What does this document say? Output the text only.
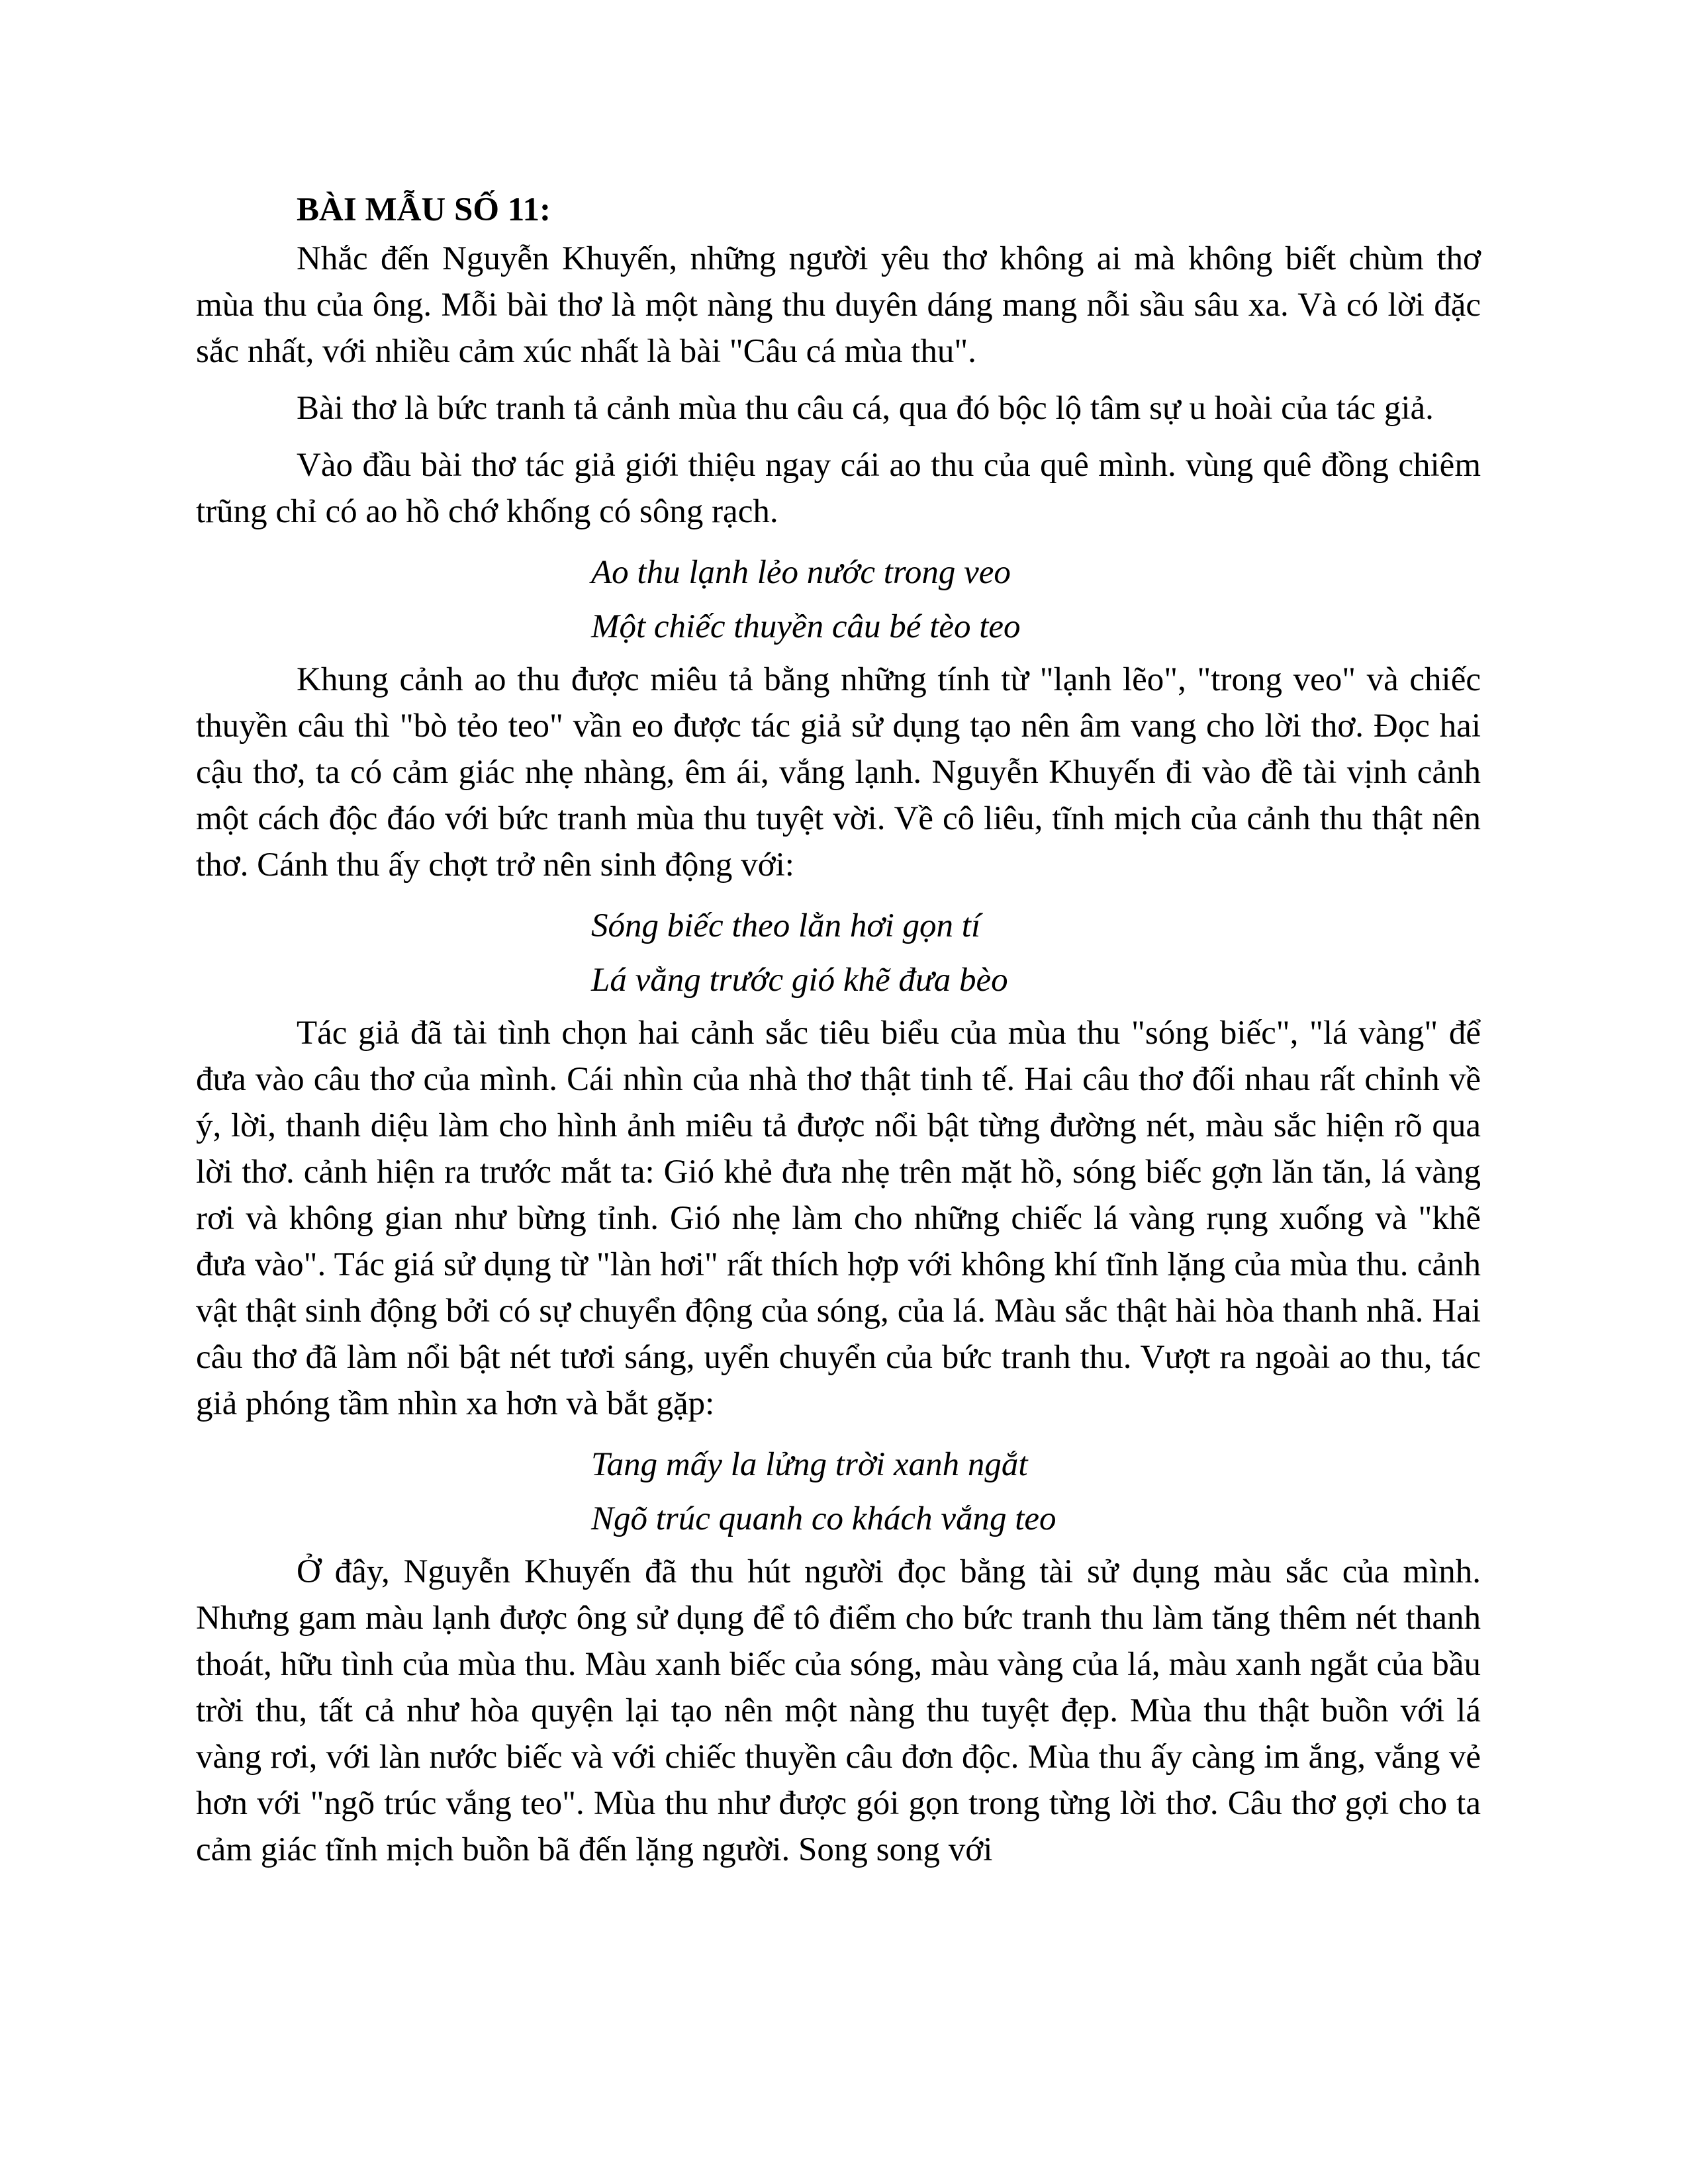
BÀI MẪU SỐ 11:

Nhắc đến Nguyễn Khuyến, những người yêu thơ không ai mà không biết chùm thơ mùa thu của ông. Mỗi bài thơ là một nàng thu duyên dáng mang nỗi sầu sâu xa. Và có lời đặc sắc nhất, với nhiều cảm xúc nhất là bài "Câu cá mùa thu".

Bài thơ là bức tranh tả cảnh mùa thu câu cá, qua đó bộc lộ tâm sự u hoài của tác giả.

Vào đầu bài thơ tác giả giới thiệu ngay cái ao thu của quê mình. vùng quê đồng chiêm trũng chỉ có ao hồ chớ khống có sông rạch.

Ao thu lạnh lẻo nước trong veo

Một chiếc thuyền câu bé tèo teo

Khung cảnh ao thu được miêu tả bằng những tính từ "lạnh lẽo", "trong veo" và chiếc thuyền câu thì "bò tẻo teo" vần eo được tác giả sử dụng tạo nên âm vang cho lời thơ. Đọc hai cậu thơ, ta có cảm giác nhẹ nhàng, êm ái, vắng lạnh. Nguyễn Khuyến đi vào đề tài vịnh cảnh một cách độc đáo với bức tranh mùa thu tuyệt vời. Về cô liêu, tĩnh mịch của cảnh thu thật nên thơ. Cánh thu ấy chợt trở nên sinh động với:

Sóng biếc theo lằn hơi gọn tí

Lá vằng trước gió khẽ đưa bèo

Tác giả đã tài tình chọn hai cảnh sắc tiêu biểu của mùa thu "sóng biếc", "lá vàng" để đưa vào câu thơ của mình. Cái nhìn của nhà thơ thật tinh tế. Hai câu thơ đối nhau rất chỉnh về ý, lời, thanh diệu làm cho hình ảnh miêu tả được nổi bật từng đường nét, màu sắc hiện rõ qua lời thơ. cảnh hiện ra trước mắt ta: Gió khẻ đưa nhẹ trên mặt hồ, sóng biếc gợn lăn tăn, lá vàng rơi và không gian như bừng tỉnh. Gió nhẹ làm cho những chiếc lá vàng rụng xuống và "khẽ đưa vào". Tác giá sử dụng từ "làn hơi" rất thích hợp với không khí tĩnh lặng của mùa thu. cảnh vật thật sinh động bởi có sự chuyển động của sóng, của lá. Màu sắc thật hài hòa thanh nhã. Hai câu thơ đã làm nổi bật nét tươi sáng, uyển chuyển của bức tranh thu. Vượt ra ngoài ao thu, tác giả phóng tầm nhìn xa hơn và bắt gặp:

Tang mấy la lửng trời xanh ngắt

Ngõ trúc quanh co khách vắng teo

Ở đây, Nguyễn Khuyến đã thu hút người đọc bằng tài sử dụng màu sắc của mình. Nhưng gam màu lạnh được ông sử dụng để tô điểm cho bức tranh thu làm tăng thêm nét thanh thoát, hữu tình của mùa thu. Màu xanh biếc của sóng, màu vàng của lá, màu xanh ngắt của bầu trời thu, tất cả như hòa quyện lại tạo nên một nàng thu tuyệt đẹp. Mùa thu thật buồn với lá vàng rơi, với làn nước biếc và với chiếc thuyền câu đơn độc. Mùa thu ấy càng im ắng, vắng vẻ hơn với "ngõ trúc vắng teo". Mùa thu như được gói gọn trong từng lời thơ. Câu thơ gợi cho ta cảm giác tĩnh mịch buồn bã đến lặng người. Song song với
